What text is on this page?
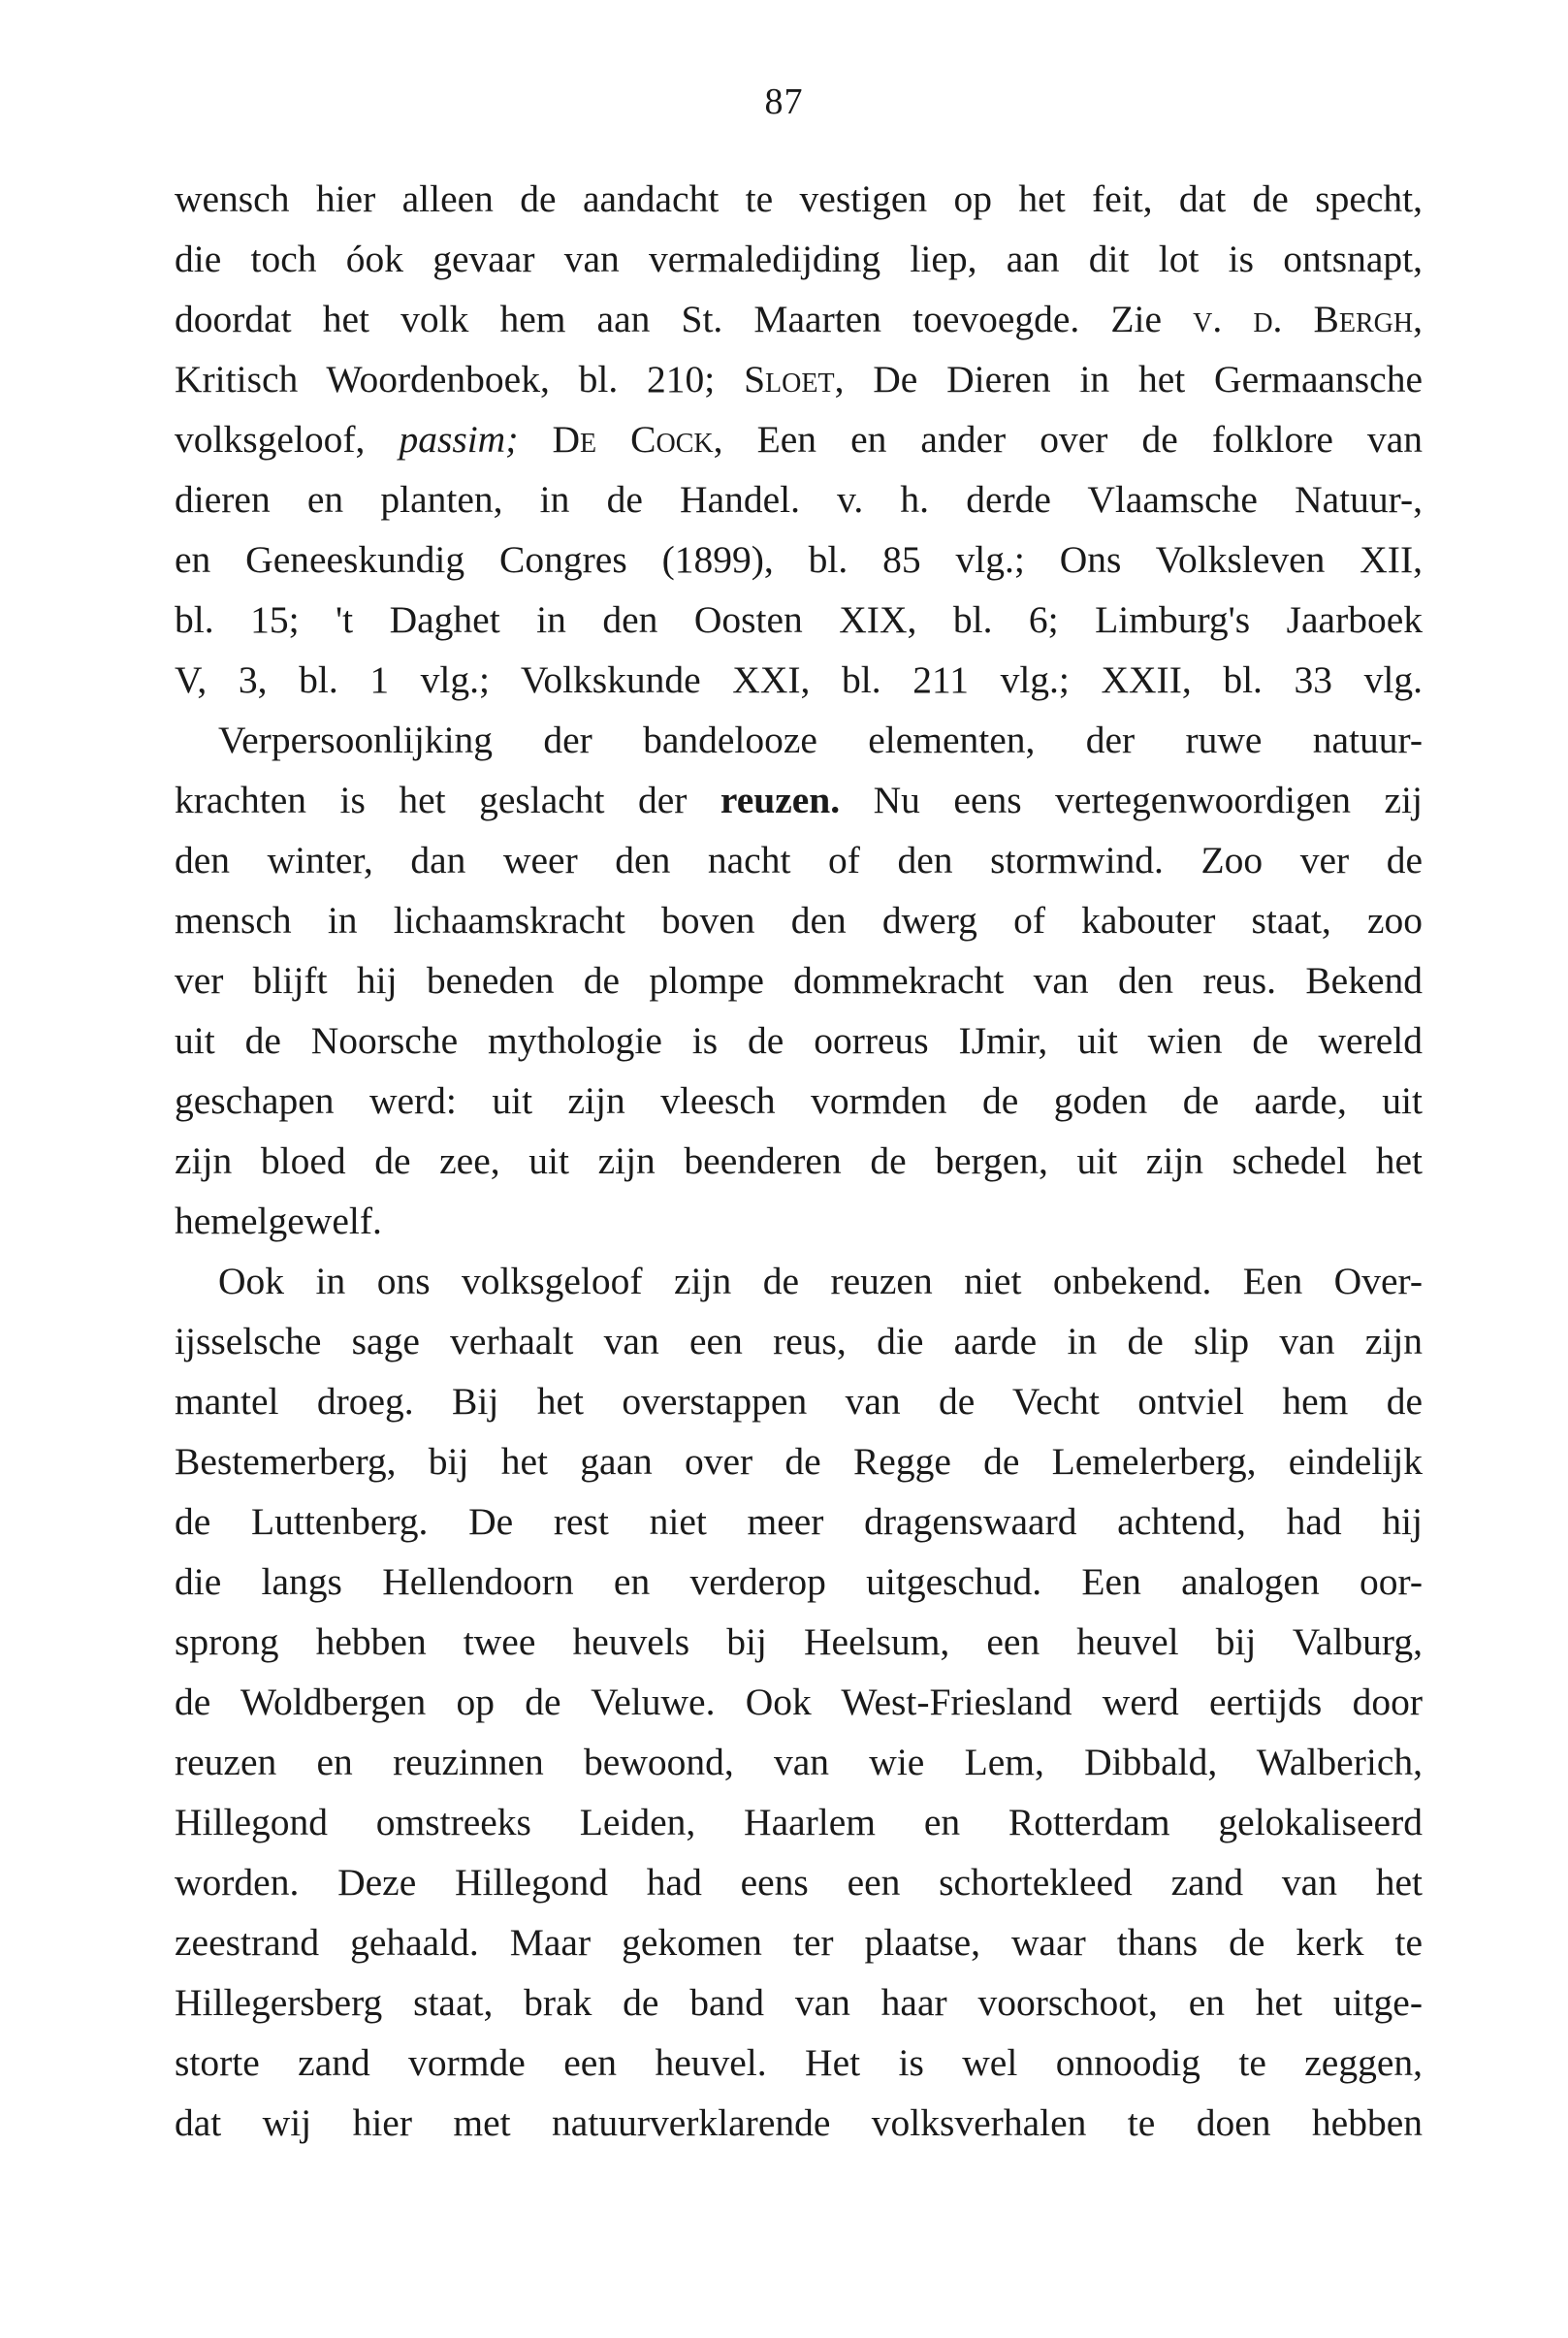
87
wensch hier alleen de aandacht te vestigen op het feit, dat de specht,
die toch óok gevaar van vermaledijding liep, aan dit lot is ontsnapt,
doordat het volk hem aan St. Maarten toevoegde. Zie v. d. Bergh,
Kritisch Woordenboek, bl. 210; Sloet, De Dieren in het Germaansche
volksgeloof, passim; De Cock, Een en ander over de folklore van
dieren en planten, in de Handel. v. h. derde Vlaamsche Natuur-,
en Geneeskundig Congres (1899), bl. 85 vlg.; Ons Volksleven XII,
bl. 15; 't Daghet in den Oosten XIX, bl. 6; Limburg's Jaarboek
V, 3, bl. 1 vlg.; Volkskunde XXI, bl. 211 vlg.; XXII, bl. 33 vlg.
Verpersoonlijking der bandelooze elementen, der ruwe natuur-
krachten is het geslacht der reuzen. Nu eens vertegenwoordigen zij
den winter, dan weer den nacht of den stormwind. Zoo ver de
mensch in lichaamskracht boven den dwerg of kabouter staat, zoo
ver blijft hij beneden de plompe dommekracht van den reus. Bekend
uit de Noorsche mythologie is de oorreus IJmir, uit wien de wereld
geschapen werd: uit zijn vleesch vormden de goden de aarde, uit
zijn bloed de zee, uit zijn beenderen de bergen, uit zijn schedel het
hemelgewelf.
Ook in ons volksgeloof zijn de reuzen niet onbekend. Een Over-
ijsselsche sage verhaalt van een reus, die aarde in de slip van zijn
mantel droeg. Bij het overstappen van de Vecht ontviel hem de
Bestemerberg, bij het gaan over de Regge de Lemelerberg, eindelijk
de Luttenberg. De rest niet meer dragenswaard achtend, had hij
die langs Hellendoorn en verderop uitgeschud. Een analogen oor-
sprong hebben twee heuvels bij Heelsum, een heuvel bij Valburg,
de Woldbergen op de Veluwe. Ook West-Friesland werd eertijds door
reuzen en reuzinnen bewoond, van wie Lem, Dibbald, Walberich,
Hillegond omstreeks Leiden, Haarlem en Rotterdam gelokaliseerd
worden. Deze Hillegond had eens een schortekleed zand van het
zeestrand gehaald. Maar gekomen ter plaatse, waar thans de kerk te
Hillegersberg staat, brak de band van haar voorschoot, en het uitge-
storte zand vormde een heuvel. Het is wel onnoodig te zeggen,
dat wij hier met natuurverklarende volksverhalen te doen hebben
